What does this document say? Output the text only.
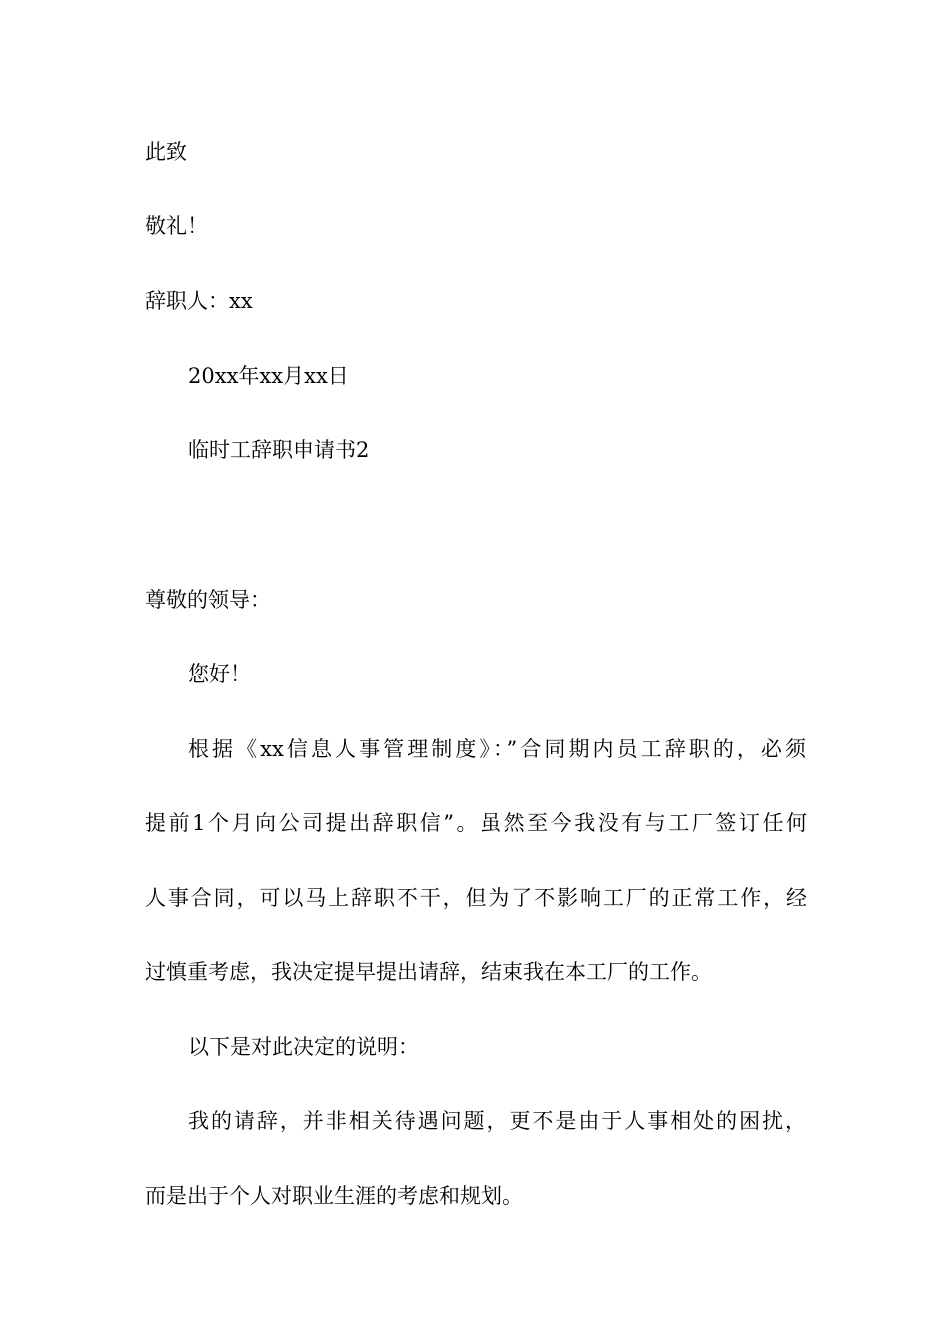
此致

敬礼！

辞职人：xx

20xx年xx月xx日

临时工辞职申请书2

尊敬的领导：

您好！

根据《xx信息人事管理制度》：”合同期内员工辞职的，必须

提前1个月向公司提出辞职信”。虽然至今我没有与工厂签订任何

人事合同，可以马上辞职不干，但为了不影响工厂的正常工作，经

过慎重考虑，我决定提早提出请辞，结束我在本工厂的工作。

以下是对此决定的说明：

我的请辞，并非相关待遇问题，更不是由于人事相处的困扰，

而是出于个人对职业生涯的考虑和规划。
